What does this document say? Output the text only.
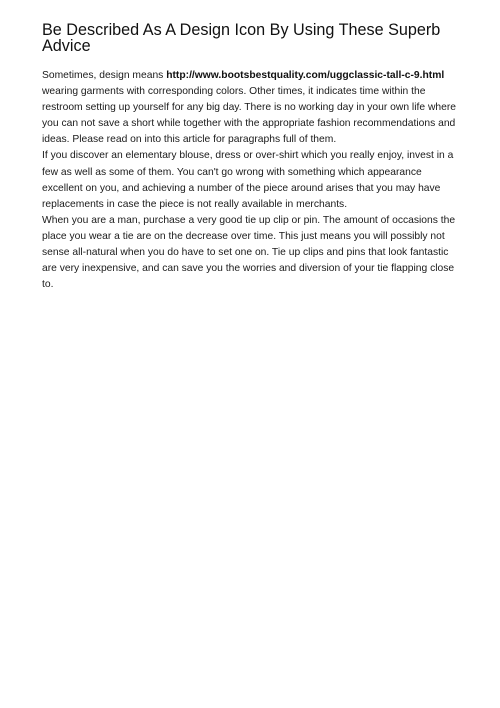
Be Described As A Design Icon By Using These Superb Advice

Sometimes, design means http://www.bootsbestquality.com/uggclassic-tall-c-9.html wearing garments with corresponding colors. Other times, it indicates time within the restroom setting up yourself for any big day. There is no working day in your own life where you can not save a short while together with the appropriate fashion recommendations and ideas. Please read on into this article for paragraphs full of them.

If you discover an elementary blouse, dress or over-shirt which you really enjoy, invest in a few as well as some of them. You can't go wrong with something which appearance excellent on you, and achieving a number of the piece around arises that you may have replacements in case the piece is not really available in merchants.

When you are a man, purchase a very good tie up clip or pin. The amount of occasions the place you wear a tie are on the decrease over time. This just means you will possibly not sense all-natural when you do have to set one on. Tie up clips and pins that look fantastic are very inexpensive, and can save you the worries and diversion of your tie flapping close to.
